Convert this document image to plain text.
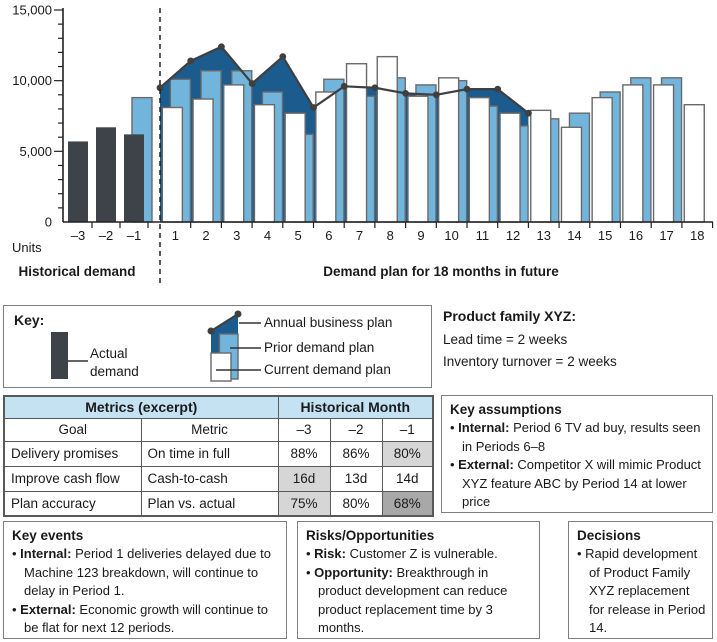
0
5,000
10,000
15,000
–3 –2 –1 1 2 3 4 5 6 7 8 9 10 11 12 13 14 15 16 17 18
Units
Historical demand	Demand plan for 18 months in future
Key:
Actual demand
Annual business plan
Prior demand plan
Current demand plan
Product family XYZ:
Lead time = 2 weeks
Inventory turnover = 2 weeks
Metrics (excerpt)		Historical Month		
Goal	Metric	–3	–2	–1
Delivery promises	On time in full	88%	86%	80%
Improve cash flow	Cash-to-cash	16d	13d	14d
Plan accuracy	Plan vs. actual	75%	80%	68%
Key assumptions
• Internal: Period 6 TV ad buy, results seen in Periods 6–8
• External: Competitor X will mimic Product XYZ feature ABC by Period 14 at lower price
Key events
• Internal: Period 1 deliveries delayed due to Machine 123 breakdown, will continue to delay in Period 1.
• External: Economic growth will continue to be flat for next 12 periods.
Risks/Opportunities
• Risk: Customer Z is vulnerable.
• Opportunity: Breakthrough in product development can reduce product replacement time by 3 months.
Decisions
• Rapid development of Product Family XYZ replacement for release in Period 14.
